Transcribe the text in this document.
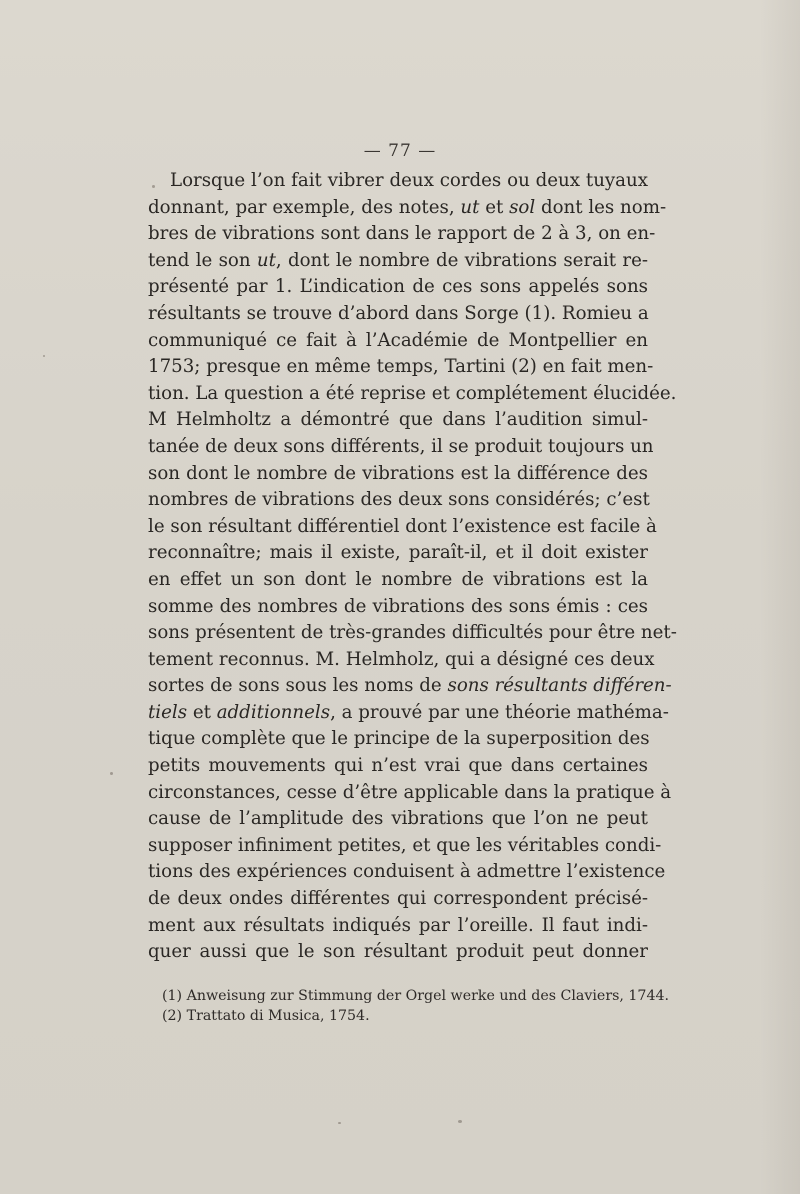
— 77 —
Lorsque l’on fait vibrer deux cordes ou deux tuyaux
donnant, par exemple, des notes, ut et sol dont les nom-
bres de vibrations sont dans le rapport de 2 à 3, on en-
tend le son ut, dont le nombre de vibrations serait re-
présenté par 1. L’indication de ces sons appelés sons
résultants se trouve d’abord dans Sorge (1). Romieu a
communiqué ce fait à l’Académie de Montpellier en
1753; presque en même temps, Tartini (2) en fait men-
tion. La question a été reprise et complétement élucidée.
M Helmholtz a démontré que dans l’audition simul-
tanée de deux sons différents, il se produit toujours un
son dont le nombre de vibrations est la différence des
nombres de vibrations des deux sons considérés; c’est
le son résultant différentiel dont l’existence est facile à
reconnaître; mais il existe, paraît-il, et il doit exister
en effet un son dont le nombre de vibrations est la
somme des nombres de vibrations des sons émis : ces
sons présentent de très-grandes difficultés pour être net-
tement reconnus. M. Helmholz, qui a désigné ces deux
sortes de sons sous les noms de sons résultants différen-
tiels et additionnels, a prouvé par une théorie mathéma-
tique complète que le principe de la superposition des
petits mouvements qui n’est vrai que dans certaines
circonstances, cesse d’être applicable dans la pratique à
cause de l’amplitude des vibrations que l’on ne peut
supposer infiniment petites, et que les véritables condi-
tions des expériences conduisent à admettre l’existence
de deux ondes différentes qui correspondent précisé-
ment aux résultats indiqués par l’oreille. Il faut indi-
quer aussi que le son résultant produit peut donner
(1) Anweisung zur Stimmung der Orgel werke und des Claviers, 1744.
(2) Trattato di Musica, 1754.
